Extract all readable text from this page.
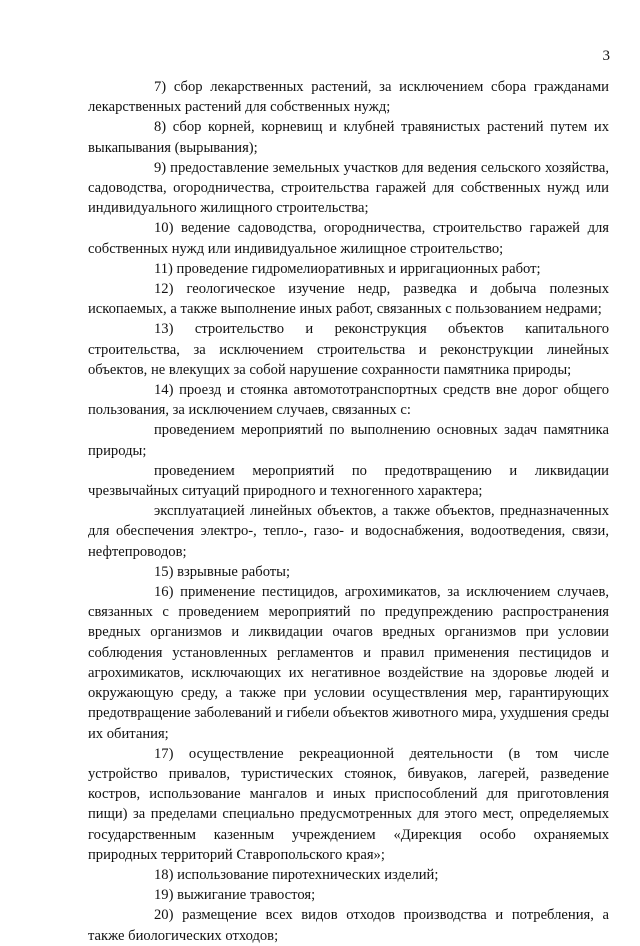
3

7) сбор лекарственных растений, за исключением сбора гражданами лекарственных растений для собственных нужд;

8) сбор корней, корневищ и клубней травянистых растений путем их выкапывания (вырывания);

9) предоставление земельных участков для ведения сельского хозяйства, садоводства, огородничества, строительства гаражей для собственных нужд или индивидуального жилищного строительства;

10) ведение садоводства, огородничества, строительство гаражей для собственных нужд или индивидуальное жилищное строительство;

11) проведение гидромелиоративных и ирригационных работ;

12) геологическое изучение недр, разведка и добыча полезных ископаемых, а также выполнение иных работ, связанных с пользованием недрами;

13) строительство и реконструкция объектов капитального строительства, за исключением строительства и реконструкции линейных объектов, не влекущих за собой нарушение сохранности памятника природы;

14) проезд и стоянка автомототранспортных средств вне дорог общего пользования, за исключением случаев, связанных с:

проведением мероприятий по выполнению основных задач памятника природы;

проведением мероприятий по предотвращению и ликвидации чрезвычайных ситуаций природного и техногенного характера;

эксплуатацией линейных объектов, а также объектов, предназначенных для обеспечения электро-, тепло-, газо- и водоснабжения, водоотведения, связи, нефтепроводов;

15) взрывные работы;

16) применение пестицидов, агрохимикатов, за исключением случаев, связанных с проведением мероприятий по предупреждению распространения вредных организмов и ликвидации очагов вредных организмов при условии соблюдения установленных регламентов и правил применения пестицидов и агрохимикатов, исключающих их негативное воздействие на здоровье людей и окружающую среду, а также при условии осуществления мер, гарантирующих предотвращение заболеваний и гибели объектов животного мира, ухудшения среды их обитания;

17) осуществление рекреационной деятельности (в том числе устройство привалов, туристических стоянок, бивуаков, лагерей, разведение костров, использование мангалов и иных приспособлений для приготовления пищи) за пределами специально предусмотренных для этого мест, определяемых государственным казенным учреждением «Дирекция особо охраняемых природных территорий Ставропольского края»;

18) использование пиротехнических изделий;

19) выжигание травостоя;

20) размещение всех видов отходов производства и потребления, а также биологических отходов;
